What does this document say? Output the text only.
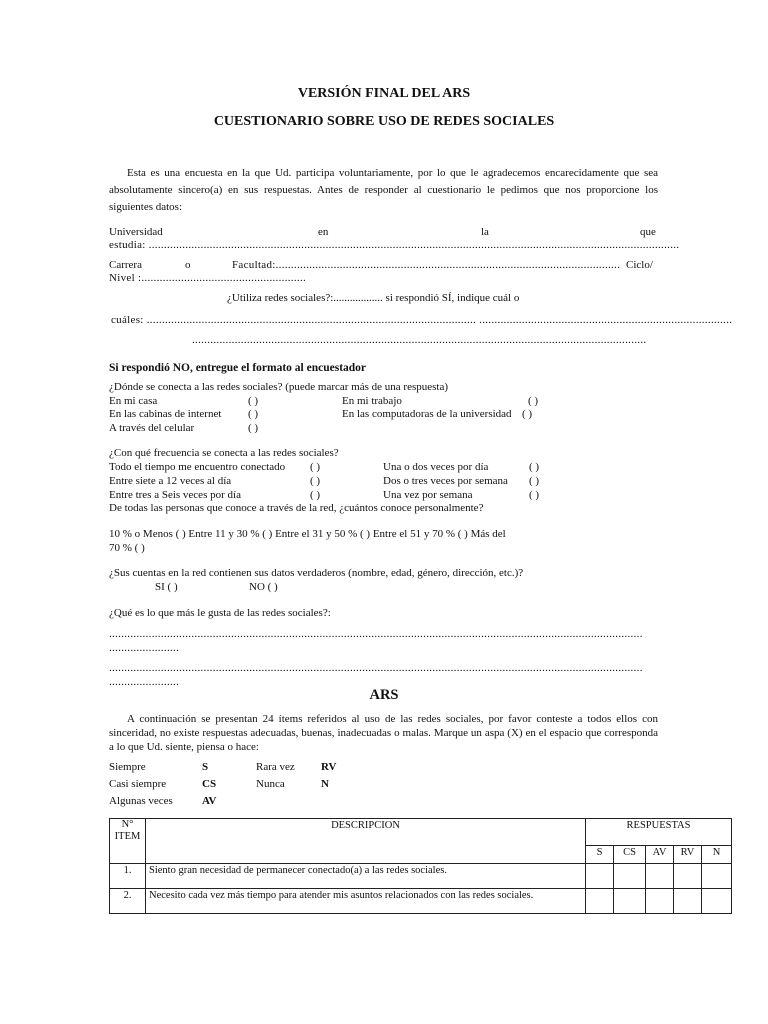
VERSIÓN FINAL DEL ARS
CUESTIONARIO SOBRE USO DE REDES SOCIALES
Esta es una encuesta en la que Ud. participa voluntariamente, por lo que le agradecemos encarecidamente que sea absolutamente sincero(a) en sus respuestas. Antes de responder al cuestionario le pedimos que nos proporcione los siguientes datos:
Universidad	en	la	que
estudia: ..............................................................................................................................................................................
Carrera	o	Facultad:................................................................................................................. Ciclo/
Nivel :......................................................
¿Utiliza redes sociales?:.................. si respondió SÍ, indique cuál o
cuáles: ............................................................................................................ ...................................................................................
.....................................................................................................................................................
Si respondió NO, entregue el formato al encuestador
¿Dónde se conecta a las redes sociales? (puede marcar más de una respuesta)
En mi casa	( )	En mi trabajo	( )
En las cabinas de internet ( )	En las computadoras de la universidad ( )
A través del celular	( )
¿Con qué frecuencia se conecta a las redes sociales?
Todo el tiempo me encuentro conectado ( )	Una o dos veces por día	( )
Entre siete a 12 veces al día	( )	Dos o tres veces por semana ( )
Entre tres a Seis veces por día	( )	Una vez por semana	( )
De todas las personas que conoce a través de la red, ¿cuántos conoce personalmente?
10 % o Menos ( ) Entre 11 y 30 % ( ) Entre el 31 y 50 % ( ) Entre el 51 y 70 % ( ) Más del
70 % ( )
¿Sus cuentas en la red contienen sus datos verdaderos (nombre, edad, género, dirección, etc.)?
SI ( )	NO ( )
¿Qué es lo que más le gusta de las redes sociales?:
...............................................................................................................................................................................
.......................
...............................................................................................................................................................................
.......................
ARS
A continuación se presentan 24 ítems referidos al uso de las redes sociales, por favor conteste a todos ellos con sinceridad, no existe respuestas adecuadas, buenas, inadecuadas o malas. Marque un aspa (X) en el espacio que corresponda a lo que Ud. siente, piensa o hace:
Siempre	S	Rara vez RV
Casi siempre	CS	Nunca	N
Algunas veces	AV
N°
ITEM	DESCRIPCION	RESPUESTAS				
		S	CS	AV	RV	N
1.	Siento gran necesidad de permanecer conectado(a) a las redes sociales.					
2.	Necesito cada vez más tiempo para atender mis asuntos relacionados con las redes sociales.					
